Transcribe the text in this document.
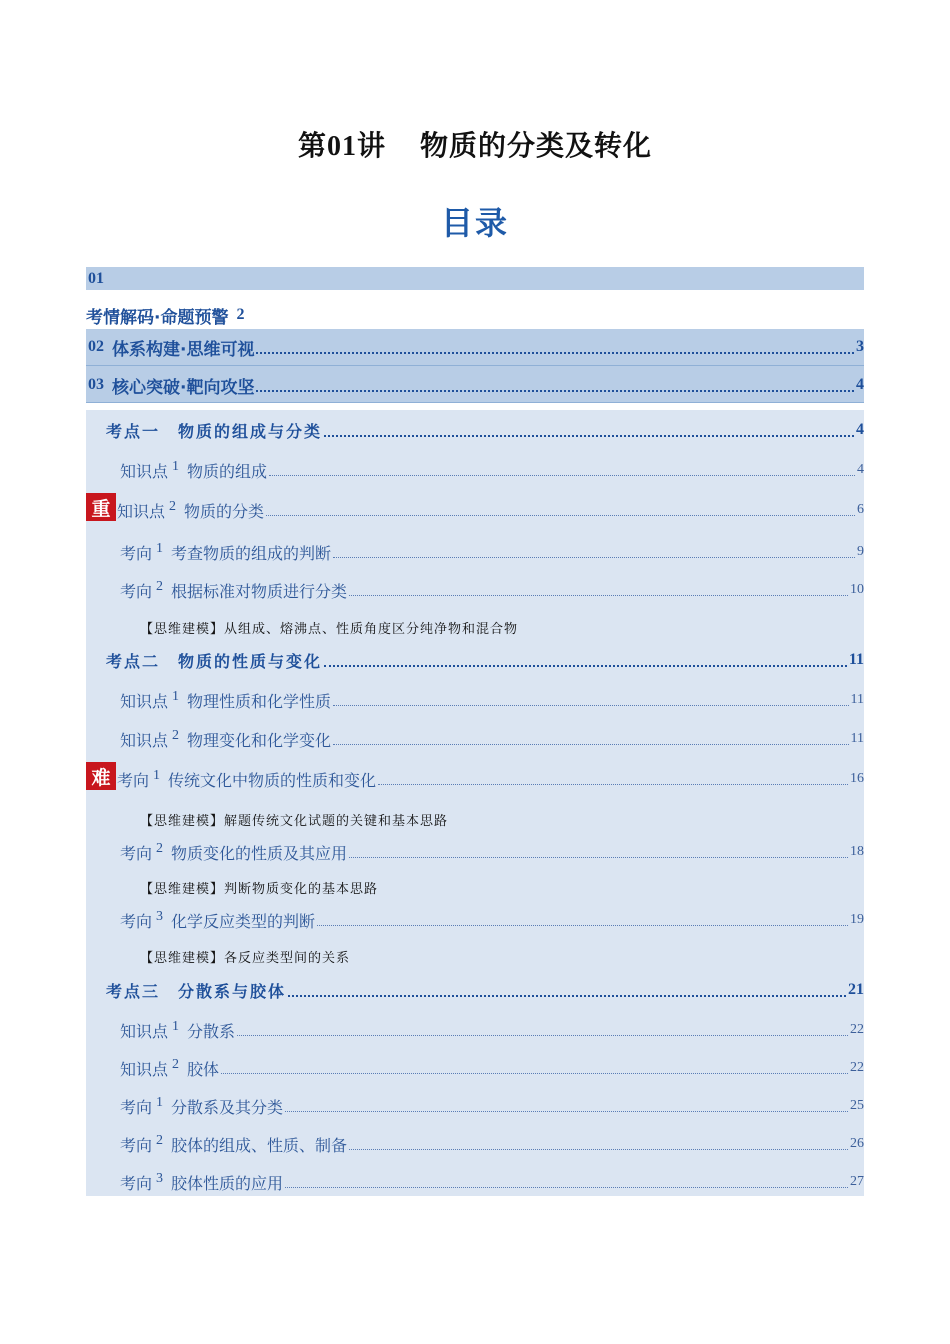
第01讲 物质的分类及转化
目录
01
考情解码·命题预警 2
02 体系构建·思维可视	3
03 核心突破·靶向攻坚	4
考点一　物质的组成与分类	4
知识点 1 物质的组成	4
重 知识点 2 物质的分类	6
考向 1 考查物质的组成的判断	9
考向 2 根据标准对物质进行分类	10
【思维建模】从组成、熔沸点、性质角度区分纯净物和混合物
考点二　物质的性质与变化	11
知识点 1 物理性质和化学性质	11
知识点 2 物理变化和化学变化	11
难 考向 1 传统文化中物质的性质和变化	16
【思维建模】解题传统文化试题的关键和基本思路
考向 2 物质变化的性质及其应用	18
【思维建模】判断物质变化的基本思路
考向 3 化学反应类型的判断	19
【思维建模】各反应类型间的关系
考点三　分散系与胶体	21
知识点 1 分散系	22
知识点 2 胶体	22
考向 1 分散系及其分类	25
考向 2 胶体的组成、性质、制备	26
考向 3 胶体性质的应用	27
